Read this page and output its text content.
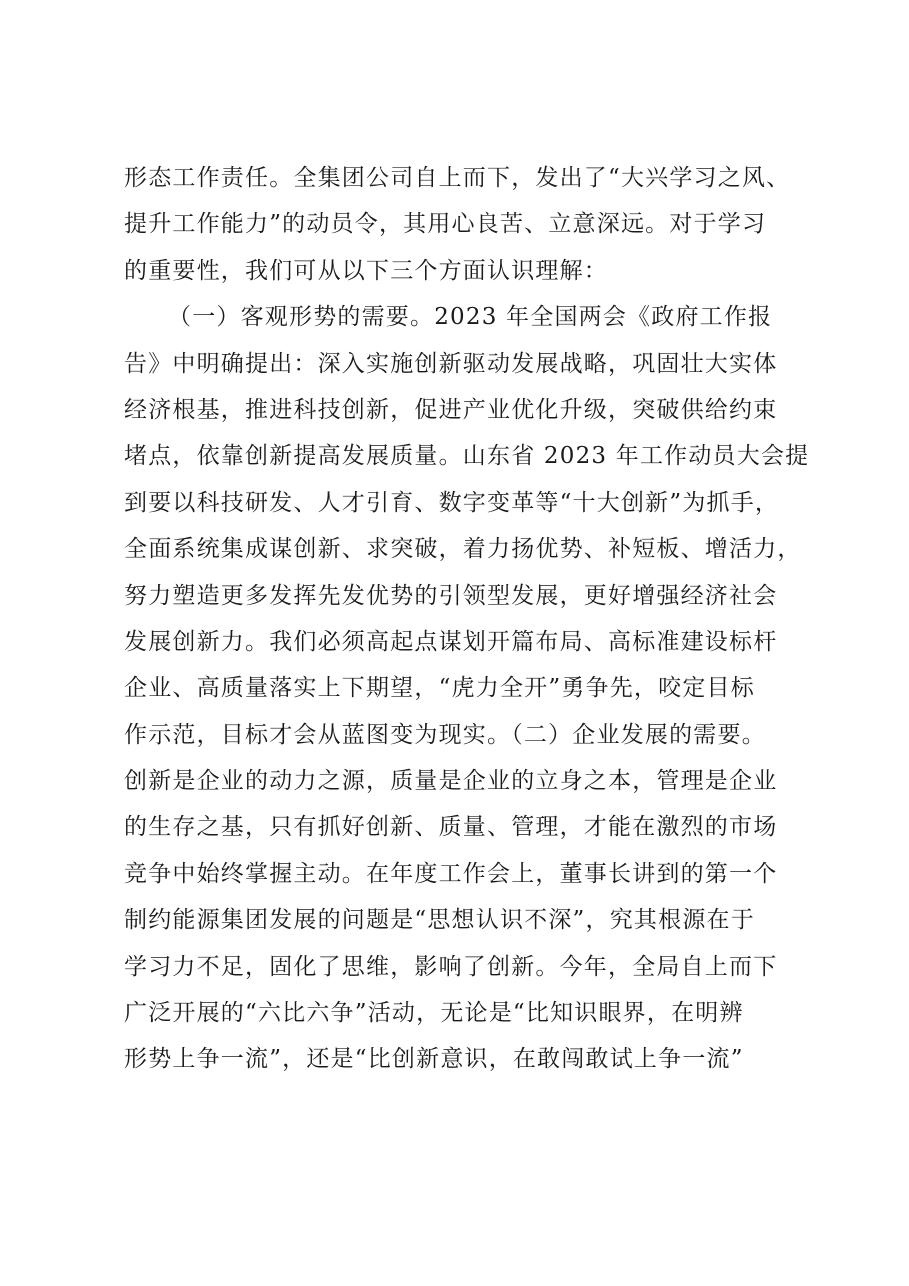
形态工作责任。全集团公司自上而下，发出了“大兴学习之风、
提升工作能力”的动员令，其用心良苦、立意深远。对于学习
的重要性，我们可从以下三个方面认识理解：
（一）客观形势的需要。2023 年全国两会《政府工作报
告》中明确提出：深入实施创新驱动发展战略，巩固壮大实体
经济根基，推进科技创新，促进产业优化升级，突破供给约束
堵点，依靠创新提高发展质量。山东省 2023 年工作动员大会提
到要以科技研发、人才引育、数字变革等“十大创新”为抓手，
全面系统集成谋创新、求突破，着力扬优势、补短板、增活力，
努力塑造更多发挥先发优势的引领型发展，更好增强经济社会
发展创新力。我们必须高起点谋划开篇布局、高标准建设标杆
企业、高质量落实上下期望，“虎力全开”勇争先，咬定目标
作示范，目标才会从蓝图变为现实。（二）企业发展的需要。
创新是企业的动力之源，质量是企业的立身之本，管理是企业
的生存之基，只有抓好创新、质量、管理，才能在激烈的市场
竞争中始终掌握主动。在年度工作会上，董事长讲到的第一个
制约能源集团发展的问题是“思想认识不深”，究其根源在于
学习力不足，固化了思维，影响了创新。今年，全局自上而下
广泛开展的“六比六争”活动，无论是“比知识眼界，在明辨
形势上争一流”，还是“比创新意识，在敢闯敢试上争一流”
